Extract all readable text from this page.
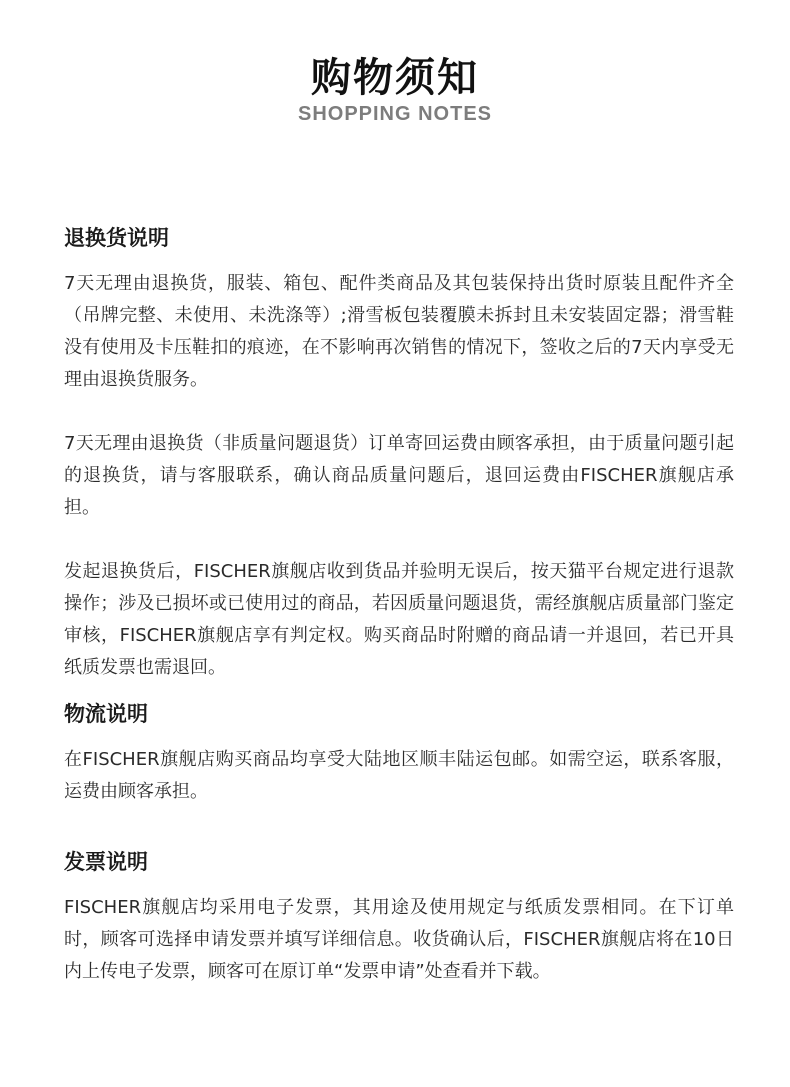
购物须知
SHOPPING NOTES
退换货说明

7天无理由退换货，服装、箱包、配件类商品及其包装保持出货时原装且配件齐全（吊牌完整、未使用、未洗涤等）;滑雪板包装覆膜未拆封且未安装固定器；滑雪鞋没有使用及卡压鞋扣的痕迹，在不影响再次销售的情况下，签收之后的7天内享受无理由退换货服务。

7天无理由退换货（非质量问题退货）订单寄回运费由顾客承担，由于质量问题引起的退换货，请与客服联系，确认商品质量问题后，退回运费由FISCHER旗舰店承担。

发起退换货后，FISCHER旗舰店收到货品并验明无误后，按天猫平台规定进行退款操作；涉及已损坏或已使用过的商品，若因质量问题退货，需经旗舰店质量部门鉴定审核，FISCHER旗舰店享有判定权。购买商品时附赠的商品请一并退回，若已开具纸质发票也需退回。

物流说明

在FISCHER旗舰店购买商品均享受大陆地区顺丰陆运包邮。如需空运，联系客服，运费由顾客承担。

发票说明

FISCHER旗舰店均采用电子发票，其用途及使用规定与纸质发票相同。在下订单时，顾客可选择申请发票并填写详细信息。收货确认后，FISCHER旗舰店将在10日内上传电子发票，顾客可在原订单“发票申请”处查看并下载。
